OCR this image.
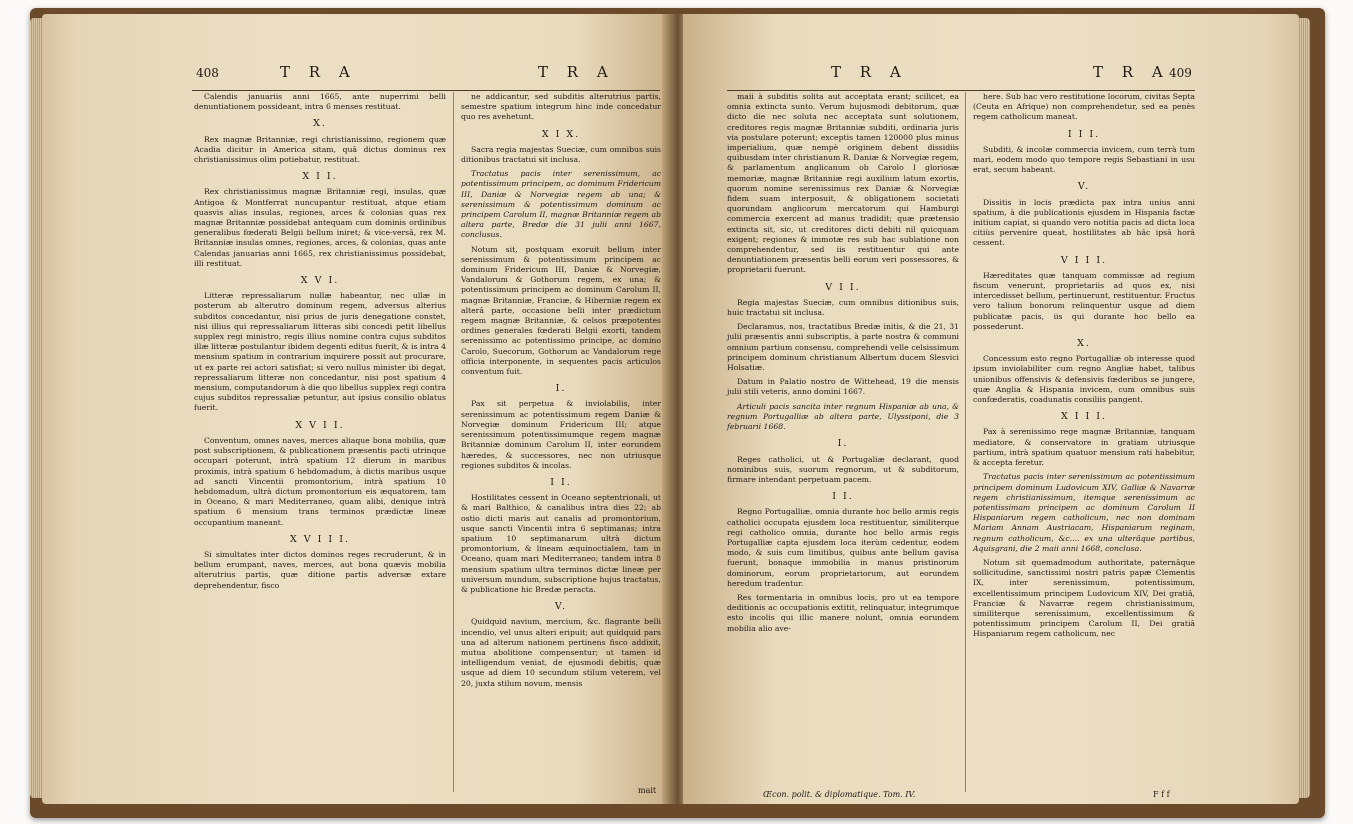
408	T R A	T R A

Calendis januariis anni 1665, ante nuperrimi belli denuntiationem possideant, intra 6 menses restituat.

X.

Rex magnæ Britanniæ, regi christianissimo, regionem quæ Acadia dicitur in America sitam, quâ dictus dominus rex christianissimus olim potiebatur, restituat.

X I I.

Rex christianissimus magnæ Britanniæ regi, insulas, quæ Antigoa & Montferrat nuncupantur restituat, atque etiam quasvis alias insulas, regiones, arces & colonias quas rex magnæ Britanniæ possidebat antequam cum dominis ordinibus generalibus fœderati Belgii bellum iniret; & vice-versâ, rex M. Britanniæ insulas omnes, regiones, arces, & colonias, quas ante Calendas januarias anni 1665, rex christianissimus possidebat, illi restituat.

X V I.

Litteræ repressaliarum nullæ habeantur, nec ullæ in posterum ab alterutro dominum regem, adversus alterius subditos concedantur, nisi prius de juris denegatione constet, nisi illius qui repressaliarum litteras sibi concedi petit libellus supplex regi ministro, regis illius nomine contra cujus subditos illæ litteræ postulantur ibidem degenti editus fuerit, & is intra 4 mensium spatium in contrarium inquirere possit aut procurare, ut ex parte rei actori satisfiat; si vero nullus minister ibi degat, repressaliarum litteræ non concedantur, nisi post spatium 4 mensium, computandorum à die quo libellus supplex regi contra cujus subditos repressaliæ petuntur, aut ipsius consilio oblatus fuerit.

X V I I.

Conventum, omnes naves, merces aliaque bona mobilia, quæ post subscriptionem, & publicationem præsentis pacti utrinque occupari poterunt, intrà spatium 12 dierum in maribus proximis, intrà spatium 6 hebdomadum, à dictis maribus usque ad sancti Vincentii promontorium, intrà spatium 10 hebdomadum, ultrà dictum promontorium eis æquatorem, tam in Oceano, & mari Mediterraneo, quam alibi, denique intrà spatium 6 mensium trans terminos prædictæ lineæ occupantium maneant.

X V I I I.

Si simultates inter dictos dominos reges recruderunt, & in bellum erumpant, naves, merces, aut bona quævis mobilia alterutrius partis, quæ ditione partis adversæ extare deprehendentur, fisco

ne addicantur, sed subditis alterutrius partis, semestre spatium integrum hinc inde concedatur quo res avehetunt.

X I X.

Sacra regia majestas Sueciæ, cum omnibus suis ditionibus tractatui sit inclusa.

Tractatus pacis inter serenissimum, ac potentissimum principem, ac dominum Fridericum III, Daniæ & Norvegiæ regem ab una; & serenissimum & potentissimum dominum ac principem Carolum II, magnæ Britanniæ regem ab altera parte, Bredæ die 31 julii anni 1667, conclusus.

Notum sit, postquam exoruit bellum inter serenissimum & potentissimum principem ac dominum Fridericum III, Daniæ & Norvegiæ, Vandalorum & Gothorum regem, ex una; & potentissimum principem ac dominum Carolum II, magnæ Britanniæ, Franciæ, & Hiberniæ regem ex alterâ parte, occasione belli inter prædictum regem magnæ Britanniæ, & celsos præpotentes ordines generales fœderati Belgii exorti, tandem serenissimo ac potentissimo principe, ac domino Carolo, Suecorum, Gothorum ac Vandalorum rege officia interponente, in sequentes pacis articulos conventum fuit.

I.

Pax sit perpetua & inviolabilis, inter serenissimum ac potentissimum regem Daniæ & Norvegiæ dominum Fridericum III; atque serenissimum potentissimumque regem magnæ Britanniæ dominum Carolum II, inter eorundem hæredes, & successores, nec non utriusque regiones subditos & incolas.

I I.

Hostilitates cessent in Oceano septentrionali, ut & mari Balthico, & canalibus intra dies 22; ab ostio dicti maris aut canalis ad promontorium, usque sancti Vincentii intra 6 septimanas; intra spatium 10 septimanarum ultrà dictum promontorium, & lineam æquinoctialem, tam in Oceano, quam mari Mediterraneo; tandem intra 8 mensium spatium ultra terminos dictæ lineæ per universum mundum, subscriptione hujus tractatus, & publicatione hic Bredæ peracta.

V.

Quidquid navium, mercium, &c. flagrante belli incendio, vel unus alteri eripuit; aut quidquid pars una ad alterum nationem pertinens fisco addixit, mutua abolitione compensentur; ut tamen id intelligendum veniat, de ejusmodi debitis, quæ usque ad diem 10 secundum stilum veterem, vel 20, juxta stilum novum, mensis

mait
T R A	T R A 409

maii à subditis solita aut acceptata erant; scilicet, ea omnia extincta sunto. Verum hujusmodi debitorum, quæ dicto die nec soluta nec acceptata sunt solutionem, creditores regis magnæ Britanniæ subditi, ordinaria juris via postulare poterunt; exceptis tamen 120000 plus minus imperialium, quæ nempè originem debent dissidiis quibusdam inter christianum R. Daniæ & Norvegiæ regem, & parlamentum anglicanum ob Carolo I gloriosæ memoriæ, magnæ Britanniæ regi auxilium latum exortis, quorum nomine serenissimus rex Daniæ & Norvegiæ fidem suam interposuit, & obligationem societati quorundam anglicorum mercatorum qui Hamburgi commercia exercent ad manus tradidit; quæ prætensio extincta sit, sic, ut creditores dicti debiti nil quicquam exigent; regiones & immotæ res sub hac sublatione non comprehendentur, sed iis restituentur qui ante denuntiationem præsentis belli eorum veri possessores, & proprietarii fuerunt.

V I I.

Regia majestas Sueciæ, cum omnibus ditionibus suis, huic tractatui sit inclusa.

Declaramus, nos, tractatibus Bredæ initis, & die 21, 31 julii præsentis anni subscriptis, à parte nostra & communi omnium partium consensu, comprehendi velle celsissimum principem dominum christianum Albertum ducem Slesvici Holsatiæ.

Datum in Palatio nostro de Wittehead, 19 die mensis julii stili veteris, anno domini 1667.

Articuli pacis sancita inter regnum Hispaniæ ab una, & regnum Portugalliæ ab altera parte, Ulyssiponi, die 3 februarii 1668.

I.

Reges catholici, ut & Portugaliæ declarant, quod nominibus suis, suorum regnorum, ut & subditorum, firmare intendant perpetuam pacem.

I I.

Regno Portugalliæ, omnia durante hoc bello armis regis catholici occupata ejusdem loca restituentur, similiterque regi catholico omnia, durante hoc bello armis regis Portugalliæ capta ejusdem loca iterùm cedentur, eodem modo, & suis cum limitibus, quibus ante bellum gavisa fuerunt, bonaque immobilia in manus pristinorum dominorum, eorum proprietariorum, aut eorundem heredum tradentur.

Res tormentaria in omnibus locis, pro ut ea tempore deditionis ac occupationis extitit, relinquatur, integrumque esto incolis qui illic manere nolunt, omnia eorundem mobilia alio ave-

here. Sub hac vero restitutione locorum, civitas Septa (Ceuta en Afrique) non comprehendetur, sed ea penès regem catholicum maneat.

I I I.

Subditi, & incolæ commercia invicem, cum terrà tum mari, eodem modo quo tempore regis Sebastiani in usu erat, secum habeant.

V.

Dissitis in locis prædicta pax intra unius anni spatium, à die publicationis ejusdem in Hispania factæ initium capiat, si quando vero notitia pacis ad dicta loca citiùs pervenire queat, hostilitates ab hâc ipsâ horâ cessent.

V I I I.

Hæreditates quæ tanquam commissæ ad regium fiscum venerunt, proprietariis ad quos ex, nisi intercedisset bellum, pertinuerunt, restituentur. Fructus vero talium bonorum relinquentur usque ad diem publicatæ pacis, iis qui durante hoc bello ea possederunt.

X.

Concessum esto regno Portugalliæ ob interesse quod ipsum inviolabiliter cum regno Angliæ habet, talibus unionibus offensivis & defensivis fœderibus se jungere, quæ Anglia & Hispania invicem, cum omnibus suis confœderatis, coadunatis consiliis pangent.

X I I I.

Pax à serenissimo rege magnæ Britanniæ, tanquam mediatore, & conservatore in gratiam utriusque partium, intrà spatium quatuor mensium rati habebitur, & accepta feretur.

Tractatus pacis inter serenissimum ac potentissimum principem dominum Ludovicum XIV, Galliæ & Navarræ regem christianissimum, itemque serenissimum ac potentissimam principem ac dominum Carolum II Hispaniarum regem catholicum, nec non dominam Mariam Annam Austriacam, Hispaniarum reginam, regnum catholicum, &c.... ex una ulterâque partibus, Aquisgrani, die 2 maii anni 1668, conclusa.

Notum sit quemadmodum authoritate, paternâque sollicitudine, sanctissimi nostri patris papæ Clementis IX, inter serenissimum, potentissimum, excellentissimum principem Ludovicum XIV, Dei gratiâ, Franciæ & Navarræ regem christianissimum, similiterque serenissimum, excellentissimum & potentissimum principem Carolum II, Dei gratiâ Hispaniarum regem catholicum, nec

Œcon. polit. & diplomatique. Tom. IV.	F f f
